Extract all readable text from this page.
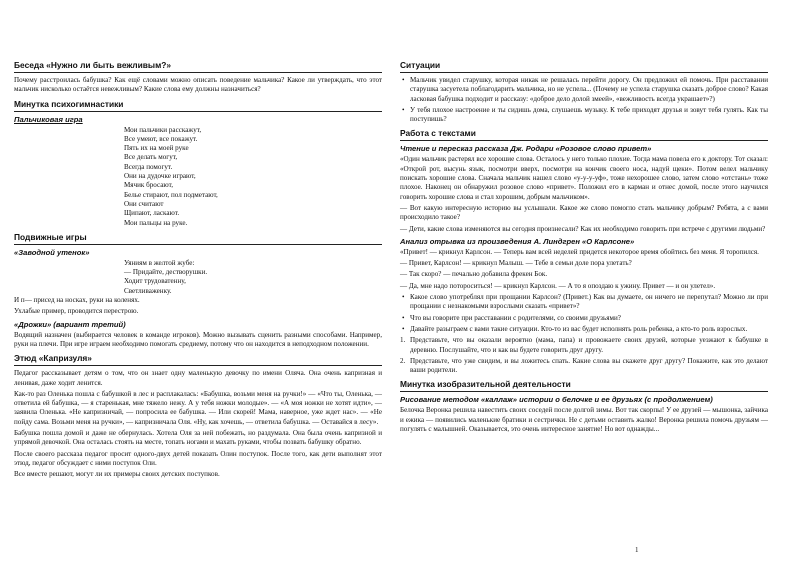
Беседа «Нужно ли быть вежливым?»

Почему расстроилась бабушка? Как ещё словами можно описать поведение мальчика? Какое ли утверждать, что этот мальчик нисколько остаётся невежливым? Какие слова ему должны назначиться?

Минутка психогимнастики
Пальчиковая игра
Мои пальчики расскажут,
Все умеют, все покажут.
Пять их на моей руке
Все делать могут,
Всегда помогут.
Они на дудочке играют,
Мячик бросают,
Белье стирают, пол подметают,
Они считают
Щипают, ласкают.
Мои пальцы на руке.
Подвижные игры
«Заводной утенок»
Уяниям в желтой жубе:
— Придайте, дестворушки.
Ходит трудоватенну,
Светливаженку.

И п— присед на носках, руки на коленях.

Ухлабые пример, проводится перестрою.

«Дрожки» (вариант третий)

Водящий назначен (выбирается человек в команде игроков). Можно вызывать сценить разными способами. Например, руки на плечи. При игре играем необходимо помогать средиему, потому что он находится в неподходном положении.

Этюд «Капризуля»

Педагог рассказывает детям о том, что он знает одну маленькую девочку по имени Оляча. Она очень капризная и ленивая, даже ходит ленится.

Как-то раз Оленька пошла с бабушкой в лес и расплакалась: «Бабушка, возьми меня на ручки!» — «Что ты, Оленька, — ответила ей бабушка, — я старенькая, мне тяжело нежу. А у тебя ножки молодые». — «А моя ножки не хотят идти», — заявила Оленька. «Не капризничай, — попросила ее бабушка. — Или скорей! Мама, наверное, уже ждет нас». — «Не пойду сама. Возьми меня на ручки», — капризничала Оля. «Ну, как хочешь, — ответила бабушка. — Оставайся в лесу».

Бабушка пошла домой и даже не обернулась. Хотела Оля за ней побежать, но раздумала. Она была очень капризной и упрямой девочкой. Она осталась стоять на месте, топать ногами и махать руками, чтобы позвать бабушку обратно.

После своего рассказа педагог просит одного-двух детей показать Олин поступок. После того, как дети выполнят этот этюд, педагог обсуждает с ними поступок Оли.

Все вместе решают, могут ли их примеры своих детских поступков.

Ситуации
• Мальчик увидел старушку, которая никак не решалась перейти дорогу. Он предложил ей помочь. При расставании старушка засуетела поблагодарить мальчика, но не успела... (Почему не успела старушка сказать доброе слово? Какая ласковая бабушка подходит и рассказу: «доброе дело долой змеей», «вежливость всегда украшает»?)
• У тебя плохое настроение и ты сидишь дома, слушаешь музыку. К тебе приходят друзья и зовут тебя гулять. Как ты поступишь?
Работа с текстами
Чтение и пересказ рассказа Дж. Родари «Розовое слово привет»

«Один мальчик растерял все хорошие слова. Осталось у него только плохие. Тогда мама повела его к доктору. Тот сказал: «Открой рот, высунь язык, посмотри вверх, посмотри на кончик своего носа, надуй щеки». Потом велел мальчику поискать хорошие слова. Сначала мальчик нашел слово «у-у-у-уф», тоже нехорошее слово, затем слово «отстань» тоже плохое. Наконец он обнаружил розовое слово «привет». Положил его в карман и отнес домой, после этого научился говорить хорошие слова и стал хорошим, добрым мальчиком».

— Вот какую интересную историю вы услышали. Какое же слово помогло стать мальчику добрым? Ребята, а с вами происходило такое?

— Дети, какие слова изменяются вы сегодня произнесали? Как их необходимо говорить при встрече с другими людьми?

Анализ отрывка из произведения А. Линдгрен «О Карлсоне»

«Привет! — крикнул Карлсон. — Теперь вам всей неделей придется некоторое время обойтись без меня. Я торопился.

— Привет, Карлсон! — крикнул Малыш. — Тебе в семьи доле пора улетать?

— Так скоро? — печально добавила фрекен Бок.

— Да, мне надо потороситься! — крикнул Карлсон. — А то я опоздаю к ужину. Привет — и он улетел».

• Какое слово употреблял при прощании Карлсон? (Привет.) Как вы думаете, он ничего не перепутал? Можно ли при прощании с незнакомыми взрослыми сказать «привет»?
• Что вы говорите при расставании с родителями, со своими друзьями?
• Давайте разыграем с вами такие ситуации. Кто-то из вас будет исполнять роль ребенка, а кто-то роль взрослых.
1. Представьте, что вы оказали вероятно (мама, папа) и провожаете своих друзей, которые уезжают к бабушке в деревню. Послушайте, что и как вы будете говорить друг другу.
2. Представьте, что уже свидим, и вы ложитесь спать. Какие слова вы скажете друг другу? Покажите, как это делают ваши родители.
Минутка изобразительной деятельности
Рисование методом «каллаж» истории о белочке и ее друзьях (с продолжением)

Белочка Веронка решила навестить своих соседей после долгой зимы. Вот так скорпы! У ее друзей — мышонка, зайчика и ежика — появились маленькие братики и сестрички. Не с детьми оставить жалко! Веронка решила помочь друзьям — погулять с малышней. Оказывается, это очень интересное занятие! Но вот однажды...

1
